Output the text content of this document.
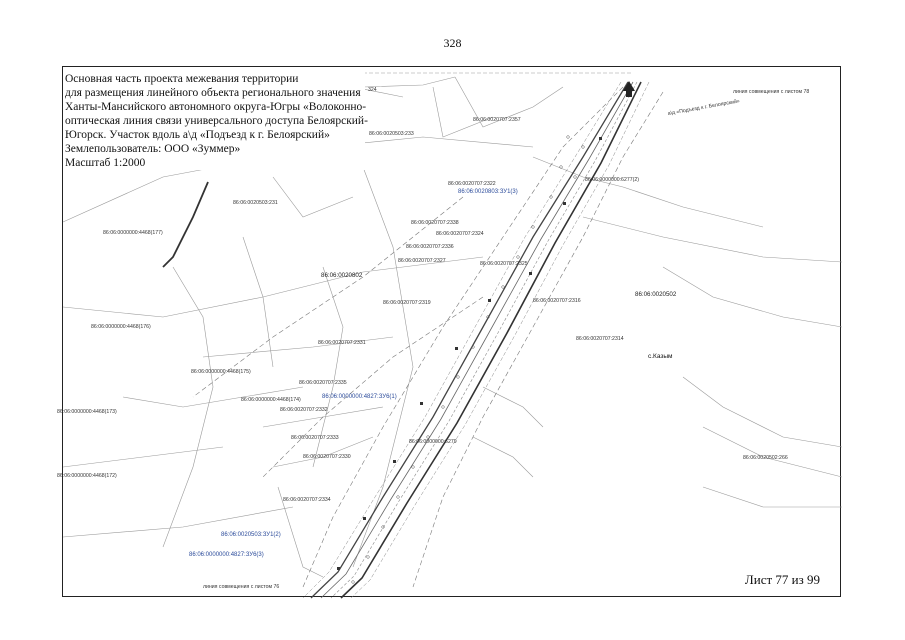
328
324
86:06:0020503:233
86:06:0020707:2357
86:06:0020707:2322
86:06:0020803:ЗУ1(3)
86:06:0000000:6277(2)
86:06:0020503:231
86:06:0020707:2338
86:06:0020707:2324
86:06:0020707:2336
86:06:0020707:2327	86:06:0020707:2325
86:06:0000000:4468(177)
86:06:0020802
86:06:0020707:2319	86:06:0020707:2316
86:06:0020502
86:06:0000000:4468(176)
86:06:0020707:2331
86:06:0020707:2314
с.Казым
86:06:0000000:4468(175)
86:06:0020707:2335
86:06:0000000:4468(174)	86:06:0000000:4827:ЗУ6(1)
86:06:0020707:2332
86:06:0000000:4468(173)
86:06:0020707:2333
86:06:0000000:6279
86:06:0020707:2330	86:06:0020502:266
86:06:0000000:4468(172)
86:06:0020707:2334
86:06:0020503:ЗУ1(2)
86:06:0000000:4827:ЗУ6(3)
линия совмещения с листом 78
а\д «Подъезд к г. Белоярский»
линия совмещения с листом 76
Основная часть проекта межевания территории
для размещения линейного объекта регионального значения
Ханты-Мансийского автономного округа-Югры «Волоконно-
оптическая линия связи универсального доступа Белоярский-
Югорск. Участок вдоль а\д «Подъезд к г. Белоярский»
Землепользователь: ООО «Зуммер»
Масштаб 1:2000
Лист 77 из 99
